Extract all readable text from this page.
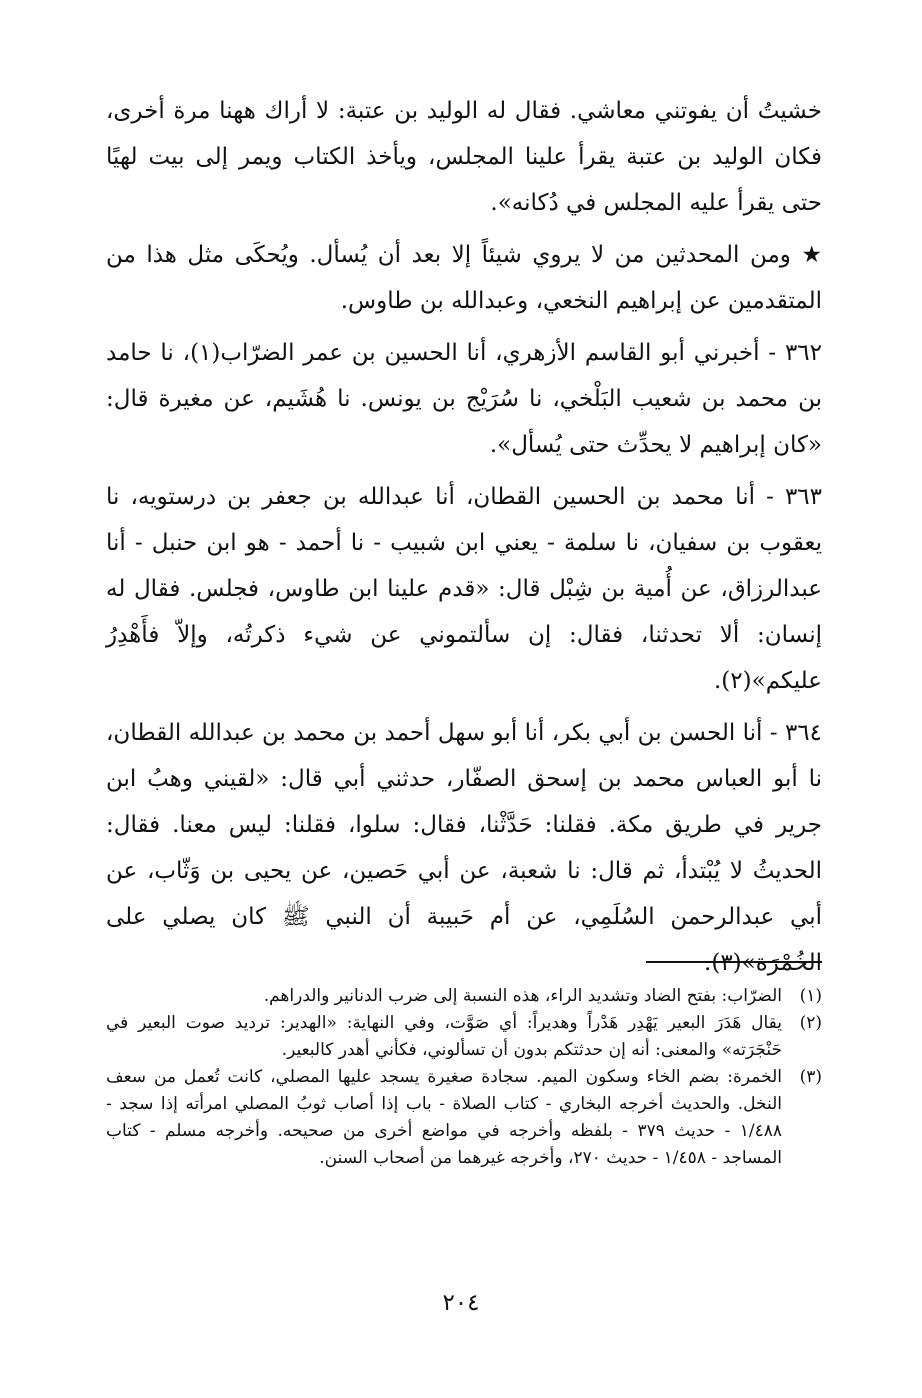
خشيتُ أن يفوتني معاشي. فقال له الوليد بن عتبة: لا أراك ههنا مرة أخرى، فكان الوليد بن عتبة يقرأ علينا المجلس، ويأخذ الكتاب ويمر إلى بيت لهيًا حتى يقرأ عليه المجلس في دُكانه».

★ ومن المحدثين من لا يروي شيئاً إلا بعد أن يُسأل. ويُحكَى مثل هذا من المتقدمين عن إبراهيم النخعي، وعبدالله بن طاوس.

٣٦٢ - أخبرني أبو القاسم الأزهري، أنا الحسين بن عمر الضرّاب(١)، نا حامد بن محمد بن شعيب البَلْخي، نا سُرَيْج بن يونس. نا هُشَيم، عن مغيرة قال: «كان إبراهيم لا يحدِّث حتى يُسأل».

٣٦٣ - أنا محمد بن الحسين القطان، أنا عبدالله بن جعفر بن درستويه، نا يعقوب بن سفيان، نا سلمة - يعني ابن شبيب - نا أحمد - هو ابن حنبل - أنا عبدالرزاق، عن أُمية بن شِبْل قال: «قدم علينا ابن طاوس، فجلس. فقال له إنسان: ألا تحدثنا، فقال: إن سألتموني عن شيء ذكرتُه، وإلاّ فأَهْدِرُ عليكم»(٢).

٣٦٤ - أنا الحسن بن أبي بكر، أنا أبو سهل أحمد بن محمد بن عبدالله القطان، نا أبو العباس محمد بن إسحق الصفّار، حدثني أبي قال: «لقيني وهبُ ابن جرير في طريق مكة. فقلنا: حَدَّثْنا، فقال: سلوا، فقلنا: ليس معنا. فقال: الحديثُ لا يُبْتدأ، ثم قال: نا شعبة، عن أبي حَصين، عن يحيى بن وَثّاب، عن أبي عبدالرحمن السُلَمِي، عن أم حَبيبة أن النبي ﷺ كان يصلي على الخُمْرَة»(٣).

(١)
الضرّاب: بفتح الضاد وتشديد الراء، هذه النسبة إلى ضرب الدنانير والدراهم.
(٢)
يقال هَدَرَ البعير يَهْدِر هَدْراً وهديراً: أي صَوَّت، وفي النهاية: «الهدير: ترديد صوت البعير في حَنْجَرَته» والمعنى: أنه إن حدثتكم بدون أن تسألوني، فكأني أهدر كالبعير.
(٣)
الخمرة: بضم الخاء وسكون الميم. سجادة صغيرة يسجد عليها المصلي، كانت تُعمل من سعف النخل. والحديث أخرجه البخاري - كتاب الصلاة - باب إذا أصاب ثوبُ المصلي امرأته إذا سجد - ١/٤٨٨ - حديث ٣٧٩ - بلفظه وأخرجه في مواضع أخرى من صحيحه. وأخرجه مسلم - كتاب المساجد - ١/٤٥٨ - حديث ٢٧٠، وأخرجه غيرهما من أصحاب السنن.
٢٠٤
